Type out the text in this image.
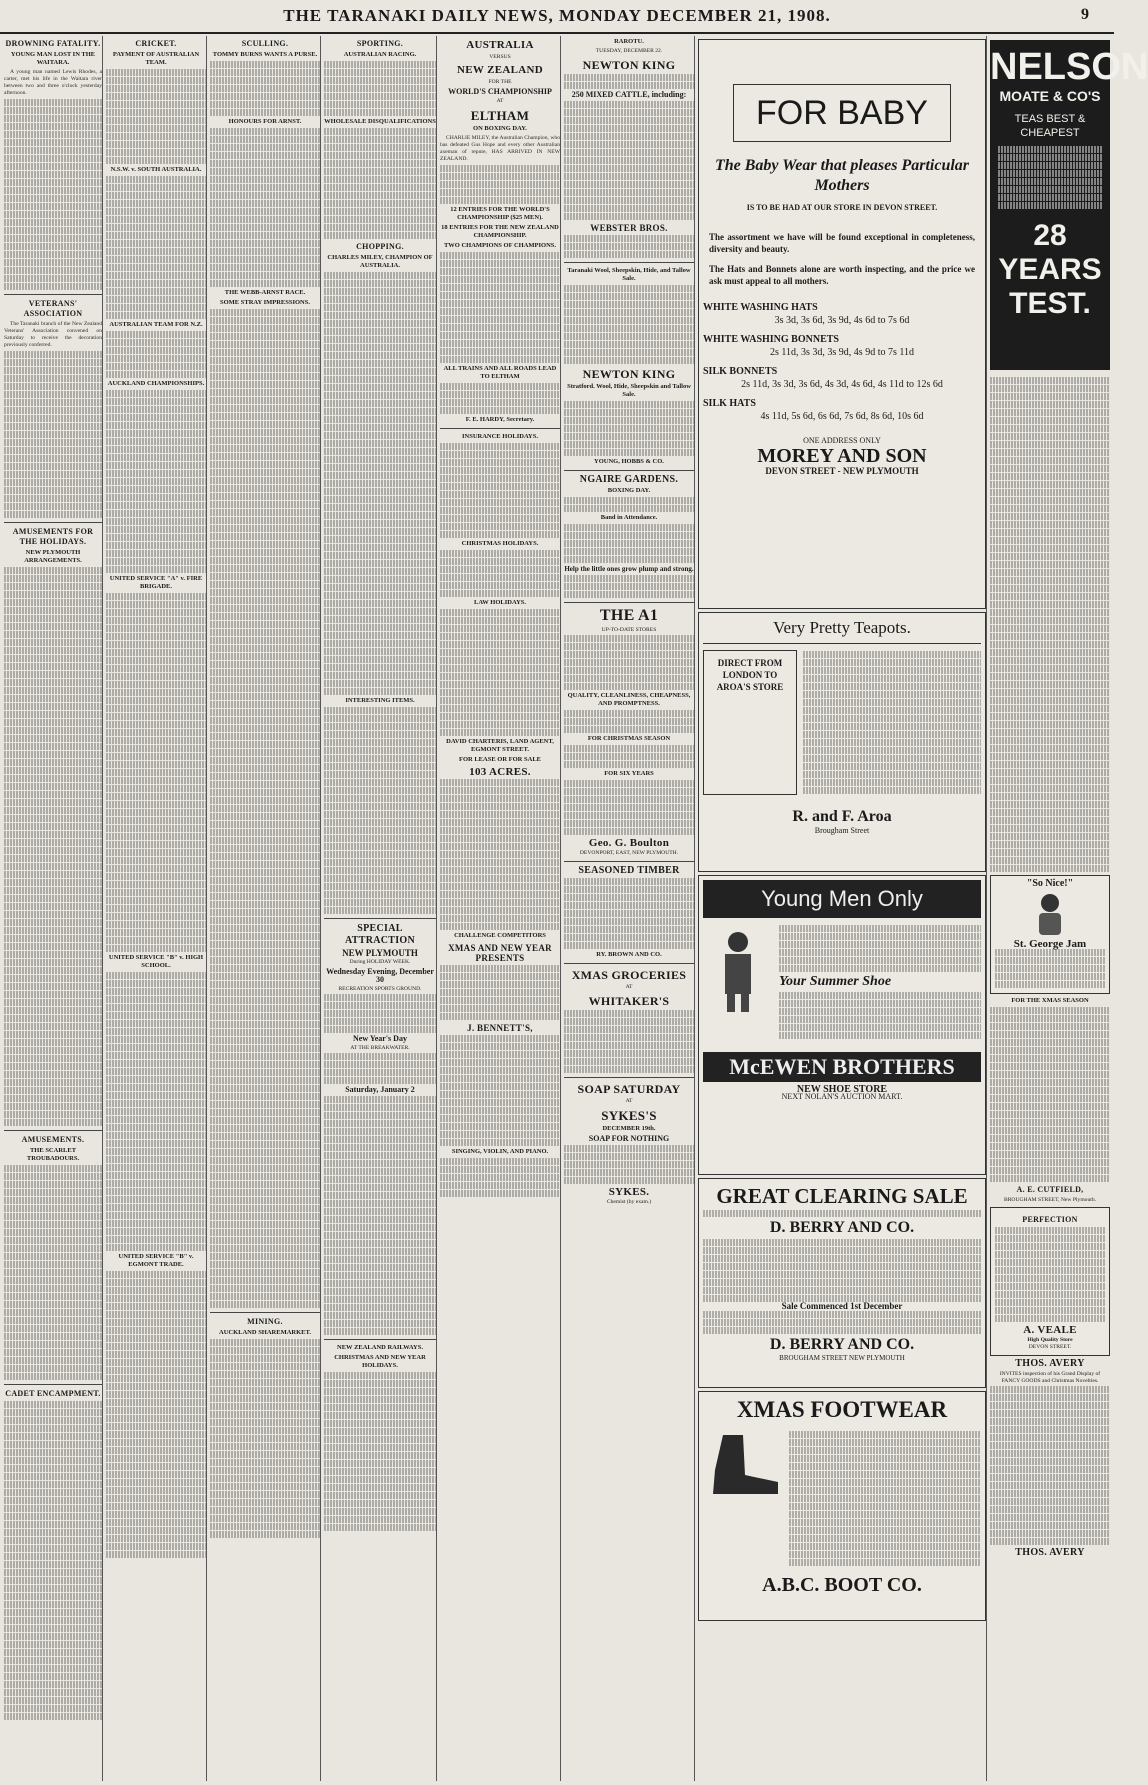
THE TARANAKI DAILY NEWS, MONDAY DECEMBER 21, 1908.	9
DROWNING FATALITY.
YOUNG MAN LOST IN THE WAITARA.
A young man named Lewis Rhodes, a carter, met his life in the Waitara river between two and three o'clock yesterday afternoon.
VETERANS' ASSOCIATION
The Taranaki branch of the New Zealand Veterans' Association convened on Saturday to receive the decoration previously conferred.
AMUSEMENTS FOR THE HOLIDAYS.
NEW PLYMOUTH ARRANGEMENTS.
AMUSEMENTS.
THE SCARLET TROUBADOURS.
CADET ENCAMPMENT.
CRICKET.
PAYMENT OF AUSTRALIAN TEAM.
N.S.W. v. SOUTH AUSTRALIA.
AUSTRALIAN TEAM FOR N.Z.
AUCKLAND CHAMPIONSHIPS.
UNITED SERVICE "A" v. FIRE BRIGADE.
UNITED SERVICE "B" v. HIGH SCHOOL.
UNITED SERVICE "B" v. EGMONT TRADE.
SCULLING.
TOMMY BURNS WANTS A PURSE.
HONOURS FOR ARNST.
THE WEBB-ARNST RACE.
SOME STRAY IMPRESSIONS.
MINING.
AUCKLAND SHAREMARKET.
SPORTING.
AUSTRALIAN RACING.
WHOLESALE DISQUALIFICATIONS
CHOPPING.
CHARLES MILEY, CHAMPION OF AUSTRALIA.
INTERESTING ITEMS.
SPECIAL ATTRACTION
NEW PLYMOUTH
During HOLIDAY WEEK.
Wednesday Evening, December 30
RECREATION SPORTS GROUND.
New Year's Day
AT THE BREAKWATER.
Saturday, January 2
NEW ZEALAND RAILWAYS.
CHRISTMAS AND NEW YEAR HOLIDAYS.
AUSTRALIA
VERSUS
NEW ZEALAND
FOR THE
WORLD'S CHAMPIONSHIP
AT
ELTHAM
ON BOXING DAY.
CHARLIE MILEY, the Australian Champion, who has defeated Gus Hope and every other Australian axeman of repute, HAS ARRIVED IN NEW ZEALAND.
12 ENTRIES FOR THE WORLD'S CHAMPIONSHIP ($25 MEN).
18 ENTRIES FOR THE NEW ZEALAND CHAMPIONSHIP.
TWO CHAMPIONS OF CHAMPIONS.
ALL TRAINS AND ALL ROADS LEAD TO ELTHAM
F. E. HARDY, Secretary.
INSURANCE HOLIDAYS.
CHRISTMAS HOLIDAYS.
LAW HOLIDAYS.
DAVID CHARTERIS, LAND AGENT, EGMONT STREET.
FOR LEASE OR FOR SALE
103 ACRES.
CHALLENGE COMPETITORS
XMAS AND NEW YEAR PRESENTS
J. BENNETT'S,
SINGING, VIOLIN, AND PIANO.
RAROTU.
TUESDAY, DECEMBER 22.
NEWTON KING
250 MIXED CATTLE, including:
WEBSTER BROS.
Taranaki Wool, Sheepskin, Hide, and Tallow Sale.
NEWTON KING
Stratford. Wool, Hide, Sheepskin and Tallow Sale.
YOUNG, HOBBS & CO.
NGAIRE GARDENS.
BOXING DAY.
Band in Attendance.
Help the little ones grow plump and strong.
THE A1
UP-TO-DATE STORES
QUALITY, CLEANLINESS, CHEAPNESS, AND PROMPTNESS.
FOR CHRISTMAS SEASON
FOR SIX YEARS
Geo. G. Boulton
DEVONPORT, EAST, NEW PLYMOUTH.
SEASONED TIMBER
RY. BROWN AND CO.
XMAS GROCERIES
AT
WHITAKER'S
SOAP SATURDAY
AT
SYKES'S
DECEMBER 19th.
SOAP FOR NOTHING
SYKES.
Chemist (by exam.)
FOR BABY
The Baby Wear that pleases Particular Mothers
IS TO BE HAD AT OUR STORE IN DEVON STREET.
The assortment we have will be found exceptional in completeness, diversity and beauty.
The Hats and Bonnets alone are worth inspecting, and the price we ask must appeal to all mothers.
WHITE WASHING HATS
3s 3d, 3s 6d, 3s 9d, 4s 6d to 7s 6d
WHITE WASHING BONNETS
2s 11d, 3s 3d, 3s 9d, 4s 9d to 7s 11d
SILK BONNETS
2s 11d, 3s 3d, 3s 6d, 4s 3d, 4s 6d, 4s 11d to 12s 6d
SILK HATS
4s 11d, 5s 6d, 6s 6d, 7s 6d, 8s 6d, 10s 6d
ONE ADDRESS ONLY
MOREY AND SON
DEVON STREET - NEW PLYMOUTH
Very Pretty Teapots.
DIRECT FROM LONDON TO AROA'S STORE
R. and F. Aroa
Brougham Street
Young Men Only
Your Summer Shoe
McEWEN BROTHERS
NEW SHOE STORE
NEXT NOLAN'S AUCTION MART.
GREAT CLEARING SALE
D. BERRY AND CO.
Sale Commenced 1st December
D. BERRY AND CO.
BROUGHAM STREET NEW PLYMOUTH
XMAS FOOTWEAR
A.B.C. BOOT CO.
NELSON
MOATE & CO'S
TEAS BEST & CHEAPEST
28 YEARS TEST.
"So Nice!"
St. George Jam
FOR THE XMAS SEASON
A. E. CUTFIELD,
BROUGHAM STREET, New Plymouth.
PERFECTION
A. VEALE
High Quality Store
DEVON STREET.
THOS. AVERY
INVITES inspection of his Grand Display of FANCY GOODS and Christmas Novelties.
THOS. AVERY
